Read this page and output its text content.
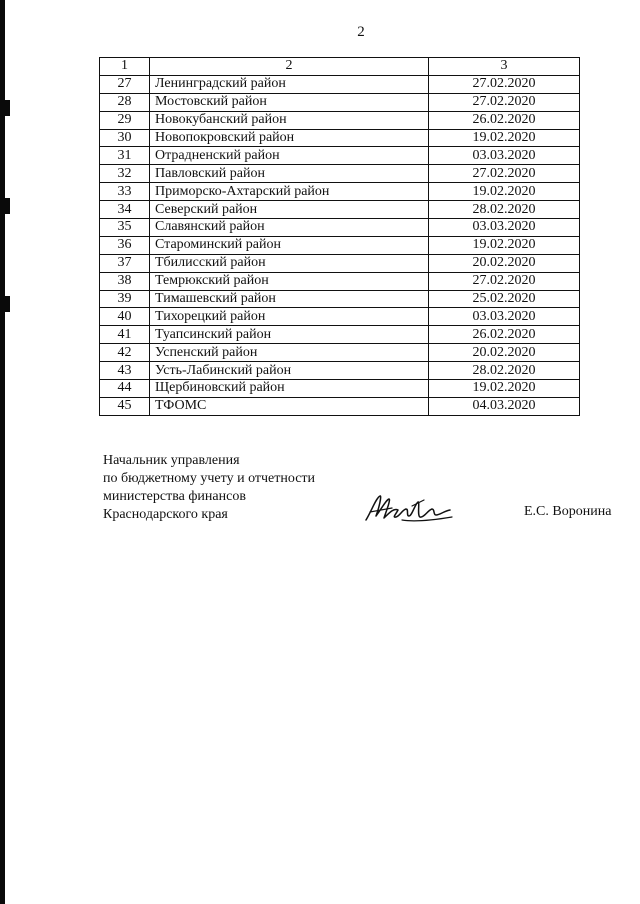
2
1	2	3
27	Ленинградский район	27.02.2020
28	Мостовский район	27.02.2020
29	Новокубанский район	26.02.2020
30	Новопокровский район	19.02.2020
31	Отрадненский район	03.03.2020
32	Павловский район	27.02.2020
33	Приморско-Ахтарский район	19.02.2020
34	Северский район	28.02.2020
35	Славянский район	03.03.2020
36	Староминский район	19.02.2020
37	Тбилисский район	20.02.2020
38	Темрюкский район	27.02.2020
39	Тимашевский район	25.02.2020
40	Тихорецкий район	03.03.2020
41	Туапсинский район	26.02.2020
42	Успенский район	20.02.2020
43	Усть-Лабинский район	28.02.2020
44	Щербиновский район	19.02.2020
45	ТФОМС	04.03.2020
Начальник управления
по бюджетному учету и отчетности
министерства финансов
Краснодарского края	Е.С. Воронина
